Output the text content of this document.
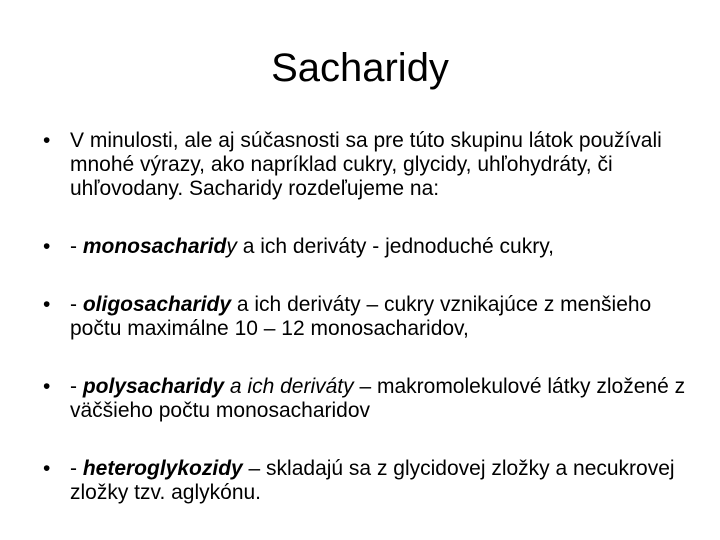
Sacharidy
• V minulosti, ale aj súčasnosti sa pre túto skupinu látok používali mnohé výrazy, ako napríklad cukry, glycidy, uhľohydráty, či uhľovodany. Sacharidy rozdeľujeme na:
• - monosacharidy a ich deriváty - jednoduché cukry,
• - oligosacharidy a ich deriváty – cukry vznikajúce z menšieho počtu maximálne 10 – 12 monosacharidov,
• - polysacharidy a ich deriváty – makromolekulové látky zložené z väčšieho počtu monosacharidov
• - heteroglykozidy – skladajú sa z glycidovej zložky a necukrovej zložky tzv. aglykónu.
